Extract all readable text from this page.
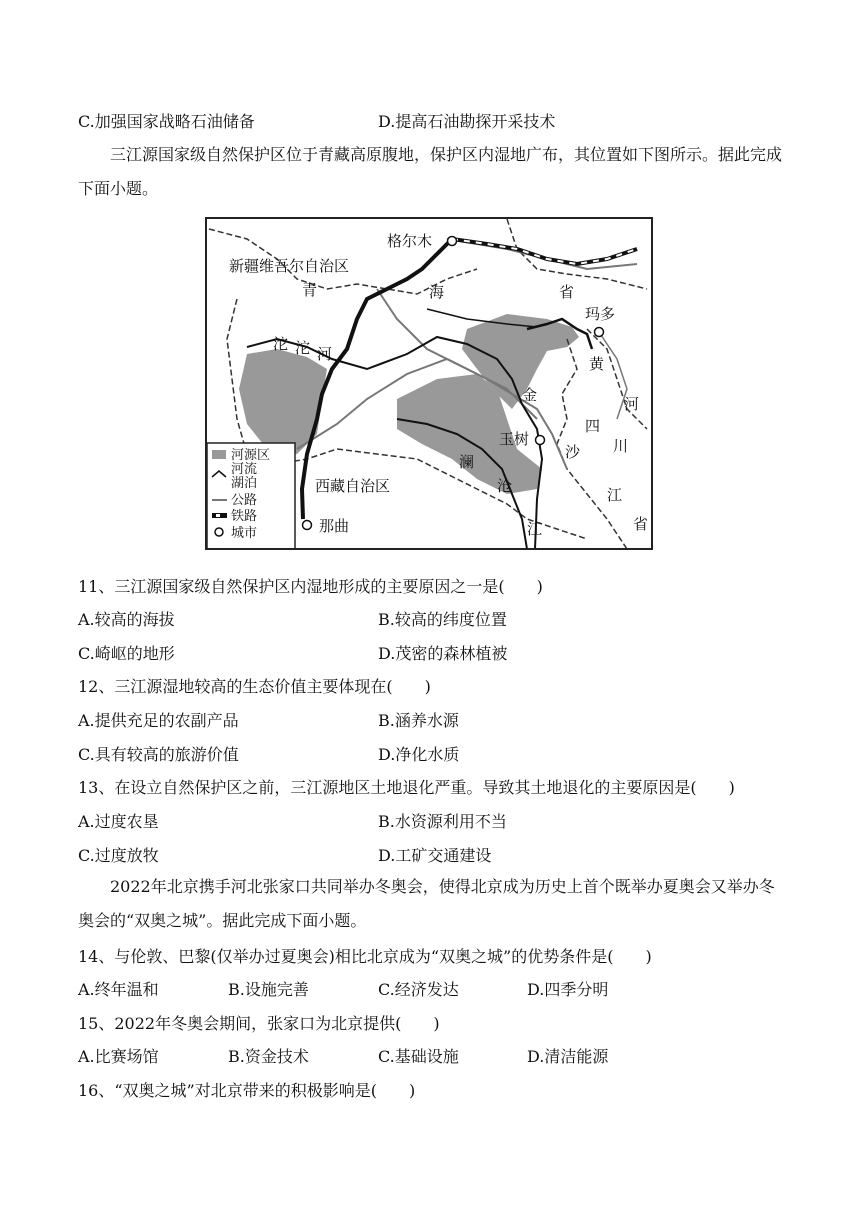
C.加强国家战略石油储备	D.提高石油勘探开采技术
三江源国家级自然保护区位于青藏高原腹地，保护区内湿地广布，其位置如下图所示。据此完成下面小题。
格尔木
新疆维吾尔自治区
青	海	省
玛多
沱 沱 河
黄
河
金
四
玉树
沙 川
澜
沧	江
江	省
西藏自治区
那曲
河源区
河流
湖泊
公路
铁路
城市
11、三江源国家级自然保护区内湿地形成的主要原因之一是(　　)
A.较高的海拔	B.较高的纬度位置
C.崎岖的地形	D.茂密的森林植被
12、三江源湿地较高的生态价值主要体现在(　　)
A.提供充足的农副产品	B.涵养水源
C.具有较高的旅游价值	D.净化水质
13、在设立自然保护区之前，三江源地区土地退化严重。导致其土地退化的主要原因是(　　)
A.过度农垦	B.水资源利用不当
C.过度放牧	D.工矿交通建设
2022年北京携手河北张家口共同举办冬奥会，使得北京成为历史上首个既举办夏奥会又举办冬奥会的“双奥之城”。据此完成下面小题。
14、与伦敦、巴黎(仅举办过夏奥会)相比北京成为“双奥之城”的优势条件是(　　)
A.终年温和	B.设施完善	C.经济发达	D.四季分明
15、2022年冬奥会期间，张家口为北京提供(　　)
A.比赛场馆	B.资金技术	C.基础设施	D.清洁能源
16、“双奥之城”对北京带来的积极影响是(　　)
